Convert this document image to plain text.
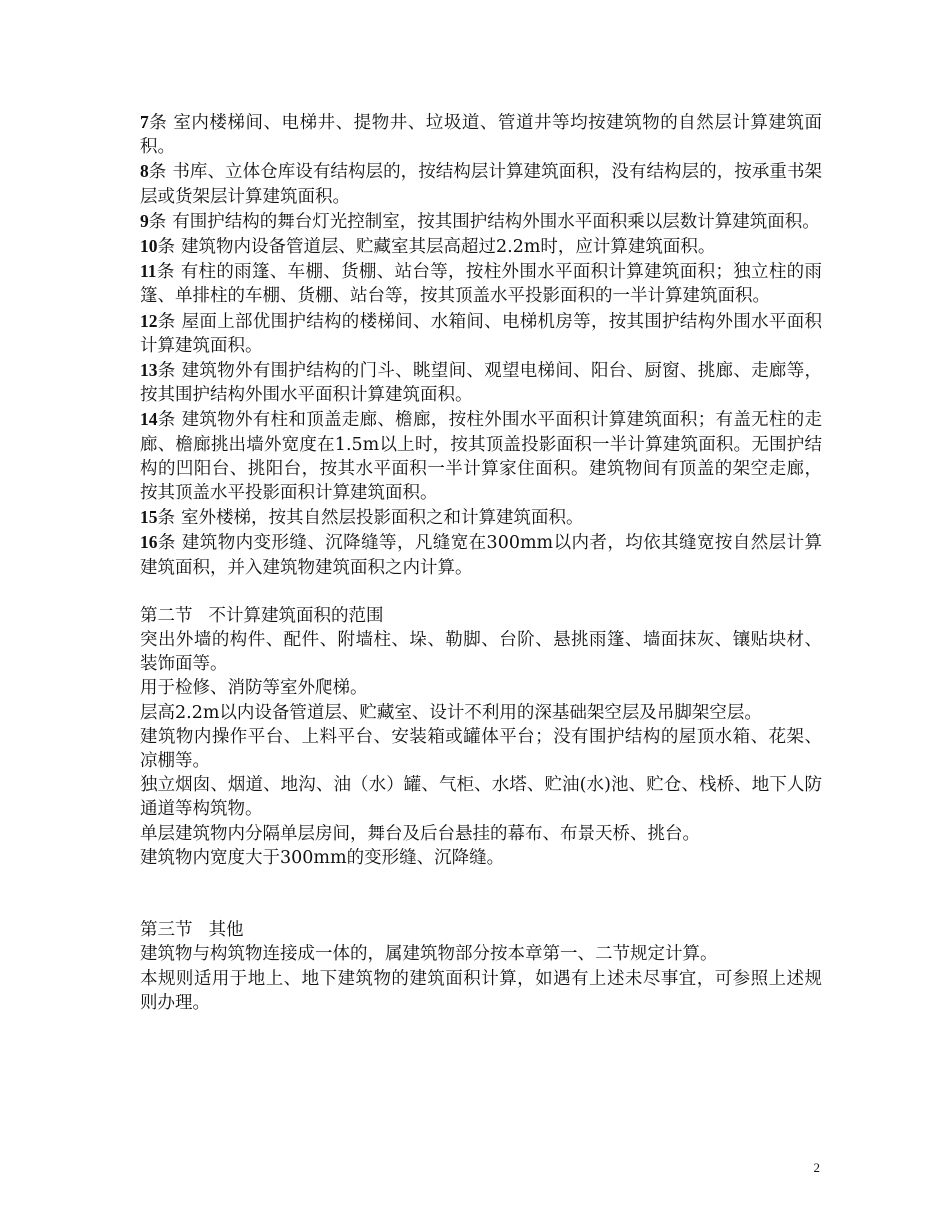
7条 室内楼梯间、电梯井、提物井、垃圾道、管道井等均按建筑物的自然层计算建筑面积。

8条 书库、立体仓库设有结构层的，按结构层计算建筑面积，没有结构层的，按承重书架层或货架层计算建筑面积。

9条 有围护结构的舞台灯光控制室，按其围护结构外围水平面积乘以层数计算建筑面积。

10条 建筑物内设备管道层、贮藏室其层高超过2.2m时，应计算建筑面积。

11条 有柱的雨篷、车棚、货棚、站台等，按柱外围水平面积计算建筑面积；独立柱的雨篷、单排柱的车棚、货棚、站台等，按其顶盖水平投影面积的一半计算建筑面积。

12条 屋面上部优围护结构的楼梯间、水箱间、电梯机房等，按其围护结构外围水平面积计算建筑面积。

13条 建筑物外有围护结构的门斗、眺望间、观望电梯间、阳台、厨窗、挑廊、走廊等，按其围护结构外围水平面积计算建筑面积。

14条 建筑物外有柱和顶盖走廊、檐廊，按柱外围水平面积计算建筑面积；有盖无柱的走廊、檐廊挑出墙外宽度在1.5m以上时，按其顶盖投影面积一半计算建筑面积。无围护结构的凹阳台、挑阳台，按其水平面积一半计算家住面积。建筑物间有顶盖的架空走廊，按其顶盖水平投影面积计算建筑面积。

15条 室外楼梯，按其自然层投影面积之和计算建筑面积。

16条 建筑物内变形缝、沉降缝等，凡缝宽在300mm以内者，均依其缝宽按自然层计算建筑面积，并入建筑物建筑面积之内计算。

第二节 不计算建筑面积的范围

突出外墙的构件、配件、附墙柱、垛、勒脚、台阶、悬挑雨篷、墙面抹灰、镶贴块材、装饰面等。

用于检修、消防等室外爬梯。

层高2.2m以内设备管道层、贮藏室、设计不利用的深基础架空层及吊脚架空层。

建筑物内操作平台、上料平台、安装箱或罐体平台；没有围护结构的屋顶水箱、花架、凉棚等。

独立烟囱、烟道、地沟、油（水）罐、气柜、水塔、贮油(水)池、贮仓、栈桥、地下人防通道等构筑物。

单层建筑物内分隔单层房间，舞台及后台悬挂的幕布、布景天桥、挑台。

建筑物内宽度大于300mm的变形缝、沉降缝。

第三节 其他

建筑物与构筑物连接成一体的，属建筑物部分按本章第一、二节规定计算。

本规则适用于地上、地下建筑物的建筑面积计算，如遇有上述未尽事宜，可参照上述规则办理。

2
